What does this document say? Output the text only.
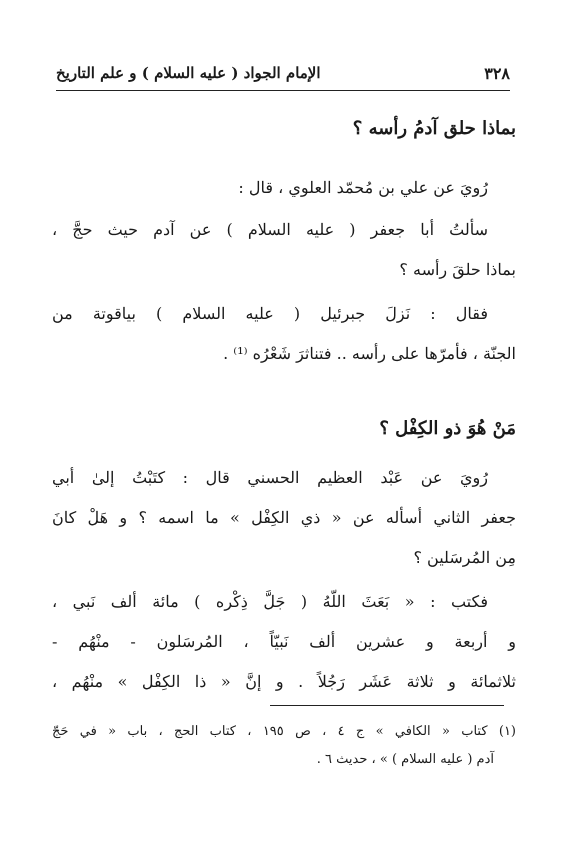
٣٢٨
الإمام الجواد ( عليه السلام ) و علم التاريخ
بماذا حلق آدمُ رأسه ؟
رُويَ عن علي بن مُحمّد العلوي ، قال :
سألتُ أبا جعفر ( عليه السلام ) عن آدم حيث حجَّ ،
بماذا حلقَ رأسه ؟
فقال : نَزلَ جبرئيل ( عليه السلام ) بياقوتة من
الجنّة ، فأمرّها على رأسه .. فتناثرَ شَعْرُه ⁽¹⁾ .
مَنْ هُوَ ذو الكِفْل ؟
رُويَ عن عَبْد العظيم الحسني قال : كتَبْتُ إلىٰ أبي
جعفر الثاني أسأله عن « ذي الكِفْل » ما اسمه ؟ و هَلْ كانَ
مِن المُرسَلين ؟
فكتب : « بَعَثَ اللّهُ ( جَلَّ ذِكْره ) مائة ألف نَبي ،
و أربعة و عشرين ألف نَبيّاً ، المُرسَلون - منْهُم -
ثلاثمائة و ثلاثة عَشَر رَجُلاً . و إنَّ « ذا الكِفْل » منْهُم ،
(١) كتاب « الكافي » ج ٤ ، ص ١٩٥ ، كتاب الحج ، باب « في حَجّ
آدم ( عليه السلام ) » ، حديث ٦ .
